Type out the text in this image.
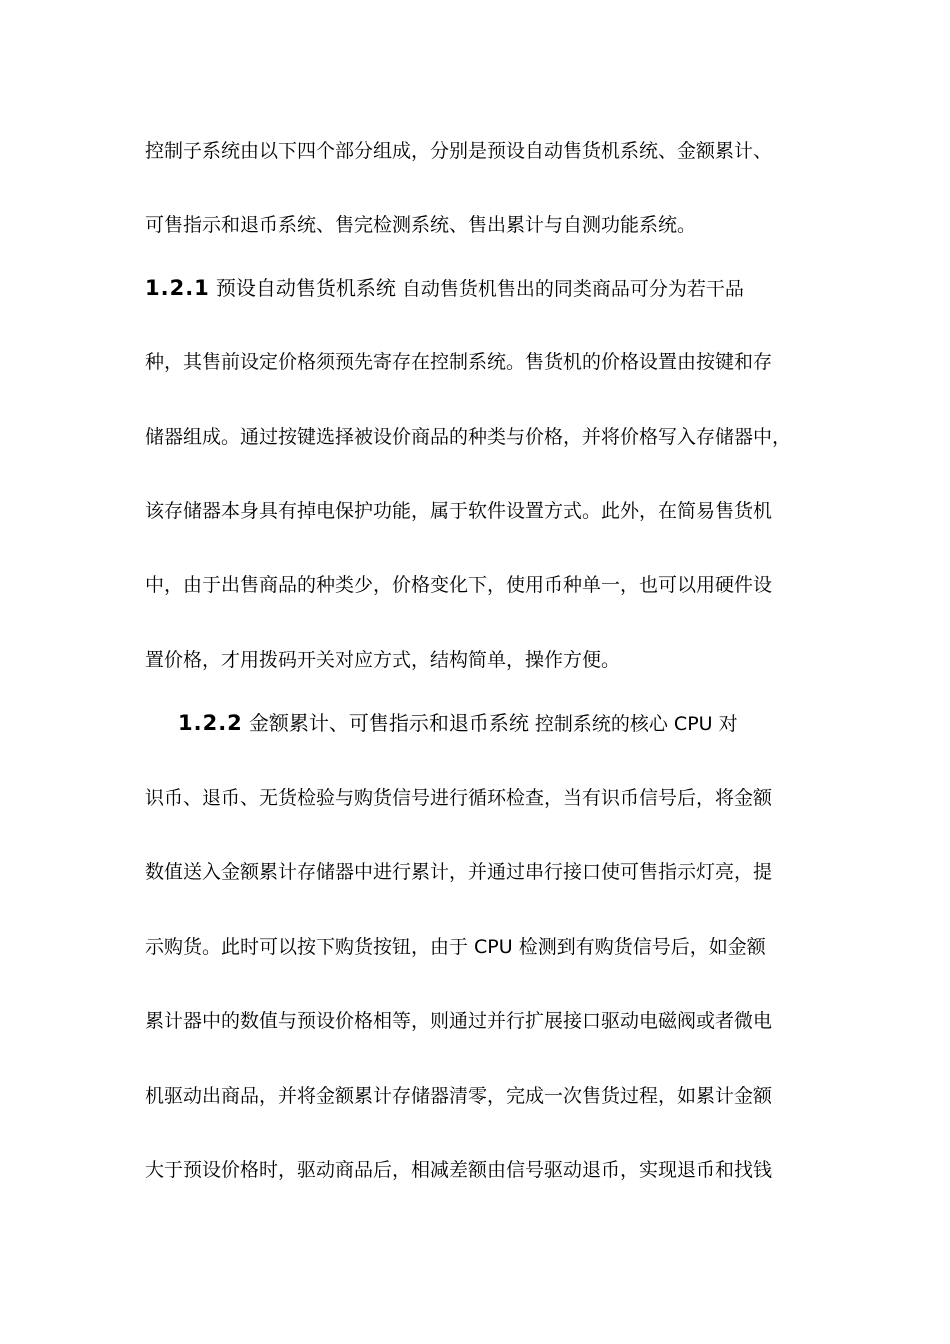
控制子系统由以下四个部分组成，分别是预设自动售货机系统、金额累计、
可售指示和退币系统、售完检测系统、售出累计与自测功能系统。
1.2.1 预设自动售货机系统 自动售货机售出的同类商品可分为若干品
种，其售前设定价格须预先寄存在控制系统。售货机的价格设置由按键和存
储器组成。通过按键选择被设价商品的种类与价格，并将价格写入存储器中，
该存储器本身具有掉电保护功能，属于软件设置方式。此外，在简易售货机
中，由于出售商品的种类少，价格变化下，使用币种单一，也可以用硬件设
置价格，才用拨码开关对应方式，结构简单，操作方便。
1.2.2 金额累计、可售指示和退币系统 控制系统的核心 CPU 对
识币、退币、无货检验与购货信号进行循环检查，当有识币信号后，将金额
数值送入金额累计存储器中进行累计，并通过串行接口使可售指示灯亮，提
示购货。此时可以按下购货按钮，由于 CPU 检测到有购货信号后，如金额
累计器中的数值与预设价格相等，则通过并行扩展接口驱动电磁阀或者微电
机驱动出商品，并将金额累计存储器清零，完成一次售货过程，如累计金额
大于预设价格时，驱动商品后，相减差额由信号驱动退币，实现退币和找钱
